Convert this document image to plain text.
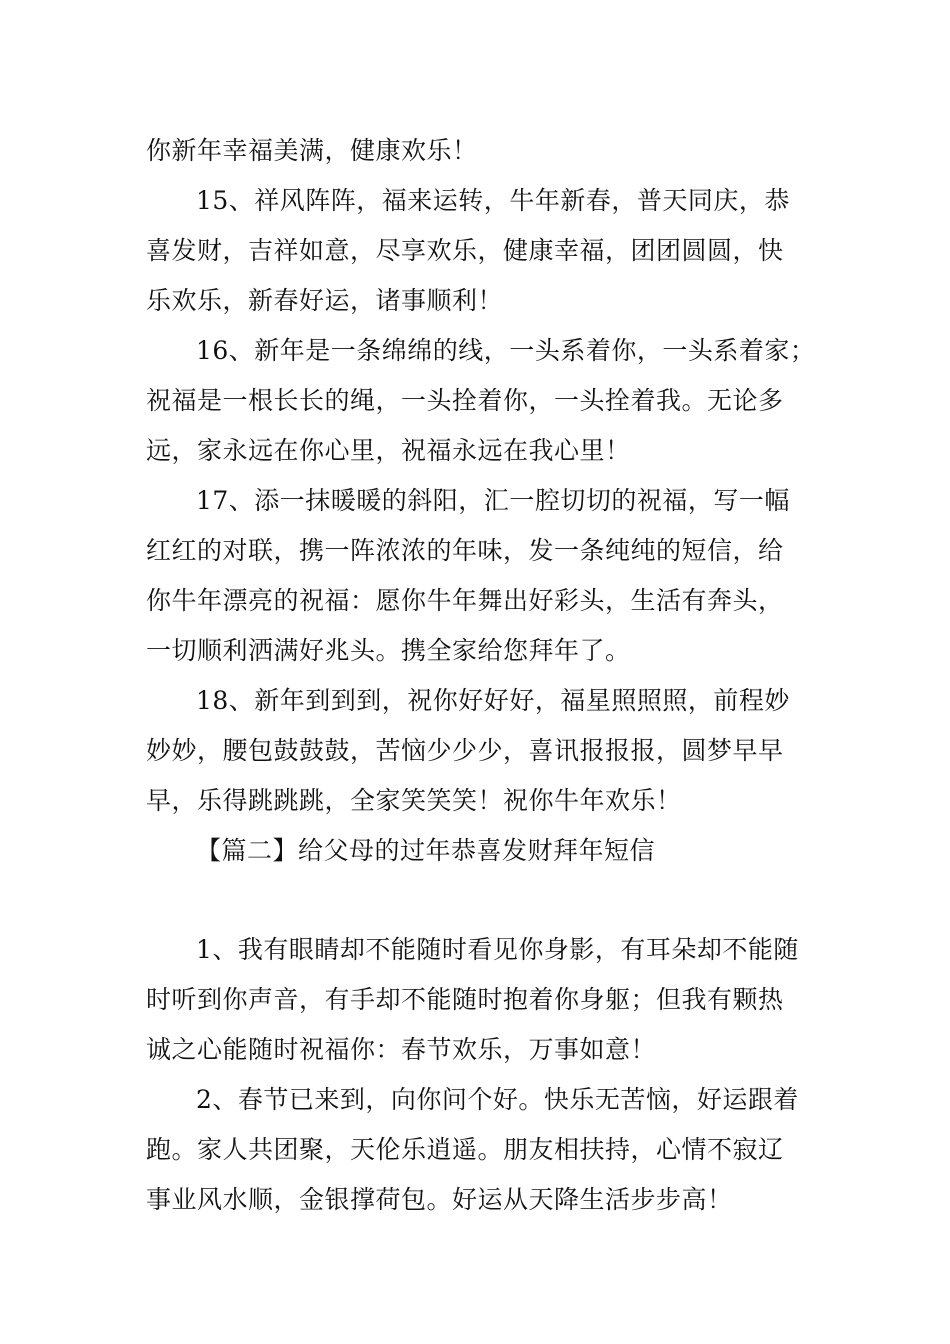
你新年幸福美满，健康欢乐！
15、祥风阵阵，福来运转，牛年新春，普天同庆，恭
喜发财，吉祥如意，尽享欢乐，健康幸福，团团圆圆，快
乐欢乐，新春好运，诸事顺利！
16、新年是一条绵绵的线，一头系着你，一头系着家；
祝福是一根长长的绳，一头拴着你，一头拴着我。无论多
远，家永远在你心里，祝福永远在我心里！
17、添一抹暖暖的斜阳，汇一腔切切的祝福，写一幅
红红的对联，携一阵浓浓的年味，发一条纯纯的短信，给
你牛年漂亮的祝福：愿你牛年舞出好彩头，生活有奔头，
一切顺利洒满好兆头。携全家给您拜年了。
18、新年到到到，祝你好好好，福星照照照，前程妙
妙妙，腰包鼓鼓鼓，苦恼少少少，喜讯报报报，圆梦早早
早，乐得跳跳跳，全家笑笑笑！祝你牛年欢乐！
【篇二】给父母的过年恭喜发财拜年短信
1、我有眼睛却不能随时看见你身影，有耳朵却不能随
时听到你声音，有手却不能随时抱着你身躯；但我有颗热
诚之心能随时祝福你：春节欢乐，万事如意！
2、春节已来到，向你问个好。快乐无苦恼，好运跟着
跑。家人共团聚，天伦乐逍遥。朋友相扶持，心情不寂辽
事业风水顺，金银撑荷包。好运从天降生活步步高！
